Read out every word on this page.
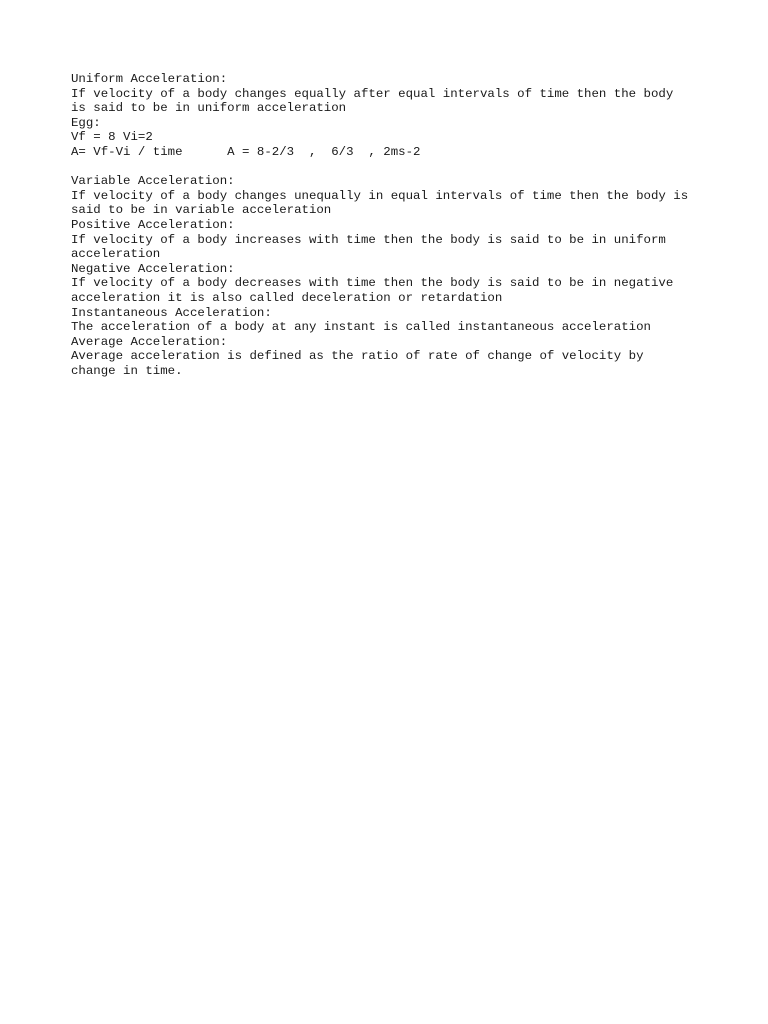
Uniform Acceleration:
If velocity of a body changes equally after equal intervals of time then the body
is said to be in uniform acceleration
Egg:
Vf = 8 Vi=2
A= Vf-Vi / time      A = 8-2/3  ,  6/3  , 2ms-2
Variable Acceleration:
If velocity of a body changes unequally in equal intervals of time then the body is
said to be in variable acceleration
Positive Acceleration:
If velocity of a body increases with time then the body is said to be in uniform
acceleration
Negative Acceleration:
If velocity of a body decreases with time then the body is said to be in negative
acceleration it is also called deceleration or retardation
Instantaneous Acceleration:
The acceleration of a body at any instant is called instantaneous acceleration
Average Acceleration:
Average acceleration is defined as the ratio of rate of change of velocity by
change in time.
